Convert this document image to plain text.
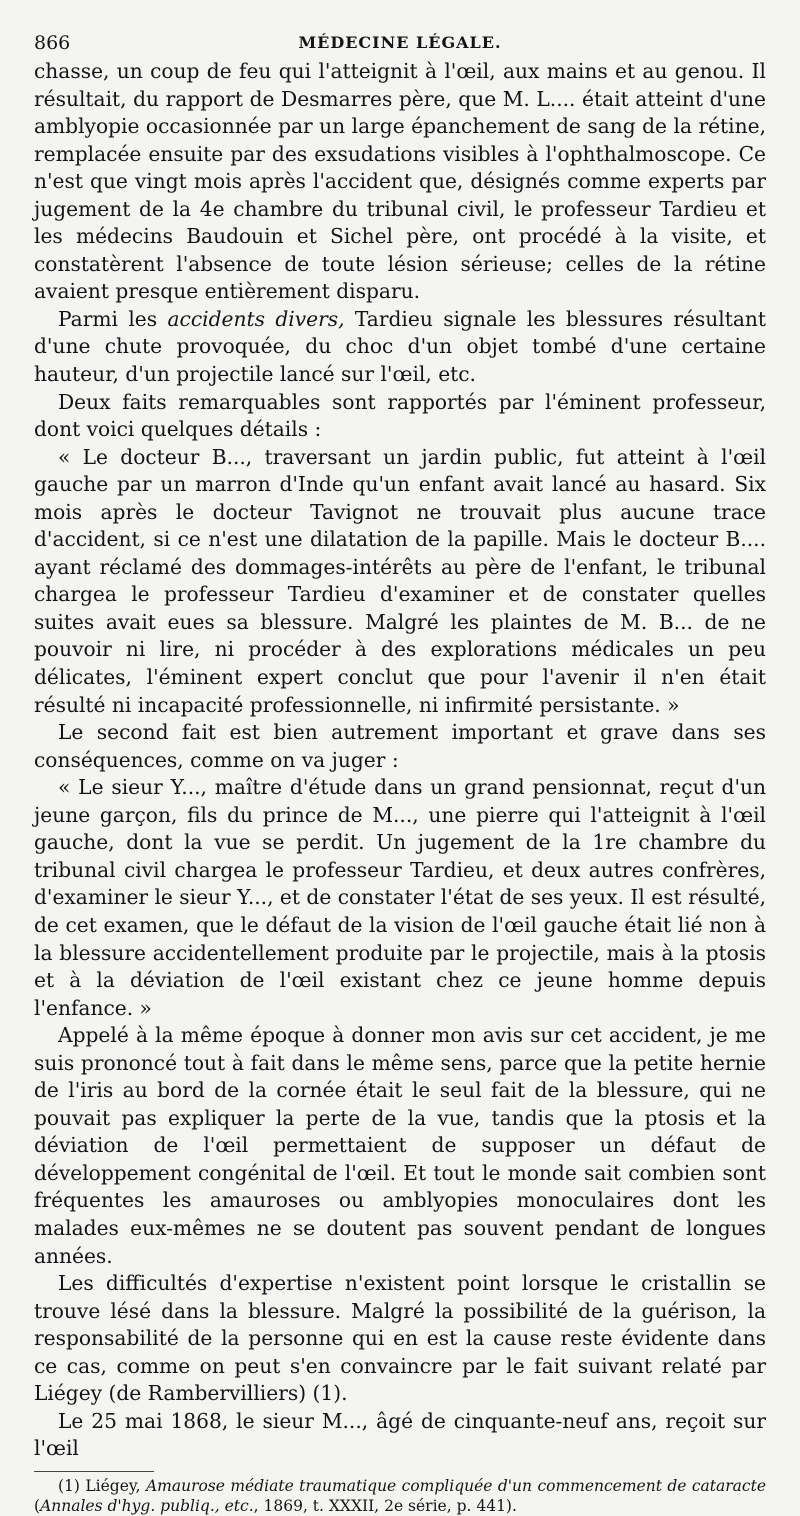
866	MÉDECINE LÉGALE.

chasse, un coup de feu qui l'atteignit à l'œil, aux mains et au genou. Il résultait, du rapport de Desmarres père, que M. L.... était atteint d'une amblyopie occasionnée par un large épanchement de sang de la rétine, remplacée ensuite par des exsudations visibles à l'ophthalmoscope. Ce n'est que vingt mois après l'accident que, désignés comme experts par jugement de la 4e chambre du tribunal civil, le professeur Tardieu et les médecins Baudouin et Sichel père, ont procédé à la visite, et constatèrent l'absence de toute lésion sérieuse; celles de la rétine avaient presque entièrement disparu.

Parmi les accidents divers, Tardieu signale les blessures résultant d'une chute provoquée, du choc d'un objet tombé d'une certaine hauteur, d'un projectile lancé sur l'œil, etc.

Deux faits remarquables sont rapportés par l'éminent professeur, dont voici quelques détails :

« Le docteur B..., traversant un jardin public, fut atteint à l'œil gauche par un marron d'Inde qu'un enfant avait lancé au hasard. Six mois après le docteur Tavignot ne trouvait plus aucune trace d'accident, si ce n'est une dilatation de la papille. Mais le docteur B.... ayant réclamé des dommages-intérêts au père de l'enfant, le tribunal chargea le professeur Tardieu d'examiner et de constater quelles suites avait eues sa blessure. Malgré les plaintes de M. B... de ne pouvoir ni lire, ni procéder à des explorations médicales un peu délicates, l'éminent expert conclut que pour l'avenir il n'en était résulté ni incapacité professionnelle, ni infirmité persistante. »

Le second fait est bien autrement important et grave dans ses conséquences, comme on va juger :

« Le sieur Y..., maître d'étude dans un grand pensionnat, reçut d'un jeune garçon, fils du prince de M..., une pierre qui l'atteignit à l'œil gauche, dont la vue se perdit. Un jugement de la 1re chambre du tribunal civil chargea le professeur Tardieu, et deux autres confrères, d'examiner le sieur Y..., et de constater l'état de ses yeux. Il est résulté, de cet examen, que le défaut de la vision de l'œil gauche était lié non à la blessure accidentellement produite par le projectile, mais à la ptosis et à la déviation de l'œil existant chez ce jeune homme depuis l'enfance. »

Appelé à la même époque à donner mon avis sur cet accident, je me suis prononcé tout à fait dans le même sens, parce que la petite hernie de l'iris au bord de la cornée était le seul fait de la blessure, qui ne pouvait pas expliquer la perte de la vue, tandis que la ptosis et la déviation de l'œil permettaient de supposer un défaut de développement congénital de l'œil. Et tout le monde sait combien sont fréquentes les amauroses ou amblyopies monoculaires dont les malades eux-mêmes ne se doutent pas souvent pendant de longues années.

Les difficultés d'expertise n'existent point lorsque le cristallin se trouve lésé dans la blessure. Malgré la possibilité de la guérison, la responsabilité de la personne qui en est la cause reste évidente dans ce cas, comme on peut s'en convaincre par le fait suivant relaté par Liégey (de Rambervilliers) (1).

Le 25 mai 1868, le sieur M..., âgé de cinquante-neuf ans, reçoit sur l'œil

(1) Liégey, Amaurose médiate traumatique compliquée d'un commencement de cataracte (Annales d'hyg. publiq., etc., 1869, t. XXXII, 2e série, p. 441).
